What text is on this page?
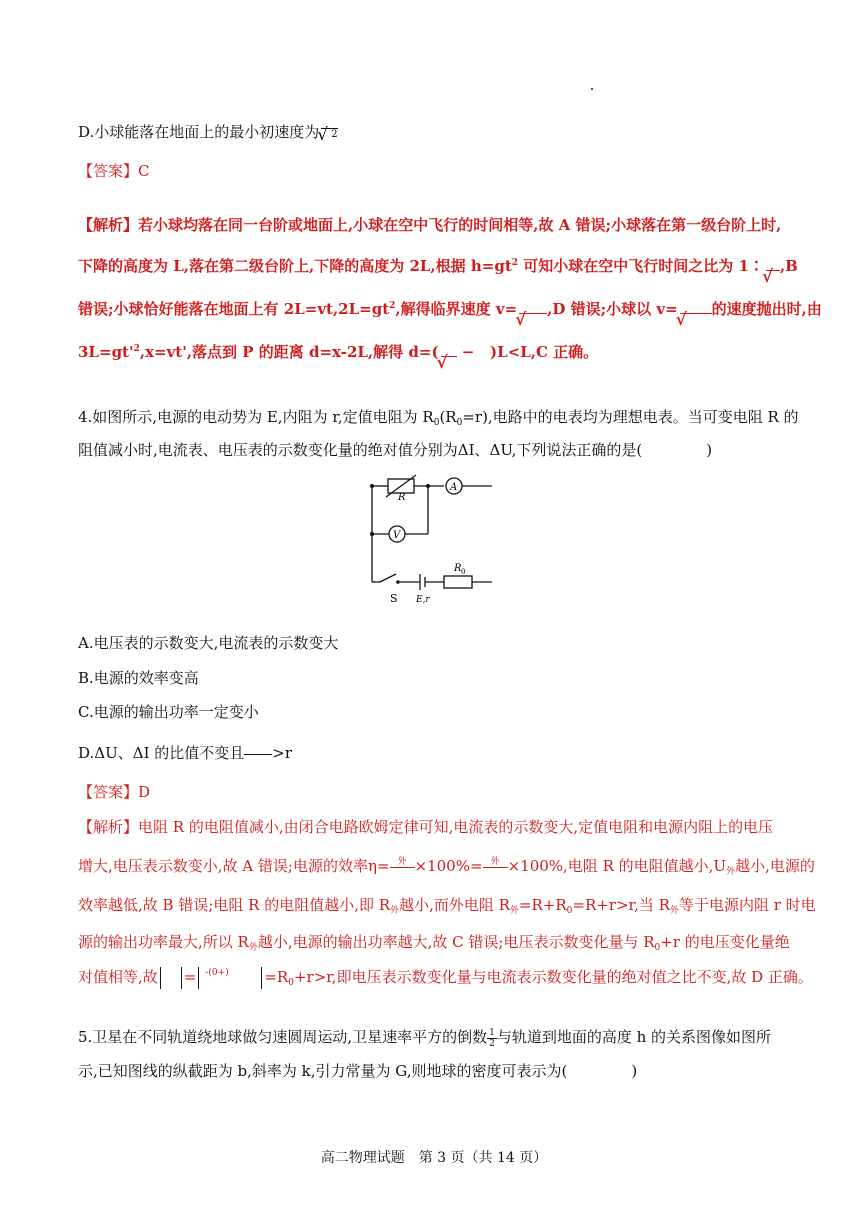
D.小球能落在地面上的最小初速度为 √ 2
【答案】C
【解析】若小球均落在同一台阶或地面上,小球在空中飞行的时间相等,故 A 错误;小球落在第一级台阶上时,
下降的高度为 L,落在第二级台阶上,下降的高度为 2L,根据 $h=gt^2$ 可知小球在空中飞行时间之比为 1∶ √ ,B
错误;小球恰好能落在地面上有 $2L=vt,2L=gt^2$,解得临界速度 v= √ ,D 错误;小球以 v= √ 的速度抛出时,由
$3L=gt'^2,x=vt'$,落点到 P 的距离 d=x-2L,解得 d=( √ − )L<L,C 正确。
4.如图所示,电源的电动势为 E,内阻为 r,定值电阻为 $R_0(R_0=r)$,电路中的电表均为理想电表。当可变电阻 R 的
阻值减小时,电流表、电压表的示数变化量的绝对值分别为ΔI、ΔU,下列说法正确的是(	)
R
A
V
R 0
S E,r
A.电压表的示数变大,电流表的示数变大
B.电源的效率变高
C.电源的输出功率一定变小
D.ΔU、ΔI 的比值不变且 >r
【答案】D
【解析】电阻 R 的电阻值减小,由闭合电路欧姆定律可知,电流表的示数变大,定值电阻和电源内阻上的电压
增大,电压表示数变小,故 A 错误;电源的效率η= 外
×100%= 外
×100%,电阻 R 的电阻值越小$,U_外$越小,电源的
效率越低,故 B 错误;电阻 R 的电阻值越小,即 $R_外$越小,而外电阻 $R_外=R+R_0=R+r>r$,当 $R_外$等于电源内阻 r 时电
源的输出功率最大,所以 $R_外$越小,电源的输出功率越大,故 C 错误;电压表示数变化量与 $R_0+r$ 的电压变化量绝
对值相等,故 = $^{-(0+)} =R_0+r>r$,即电压表示数变化量与电流表示数变化量的绝对值之比不变,故 D 正确。
5.卫星在不同轨道绕地球做匀速圆周运动,卫星速率平方的倒数 $\frac{1}{2}$ 与轨道到地面的高度 h 的关系图像如图所
示,已知图线的纵截距为 b,斜率为 k,引力常量为 G,则地球的密度可表示为(	)
高二物理试题　第 3 页（共 14 页）
